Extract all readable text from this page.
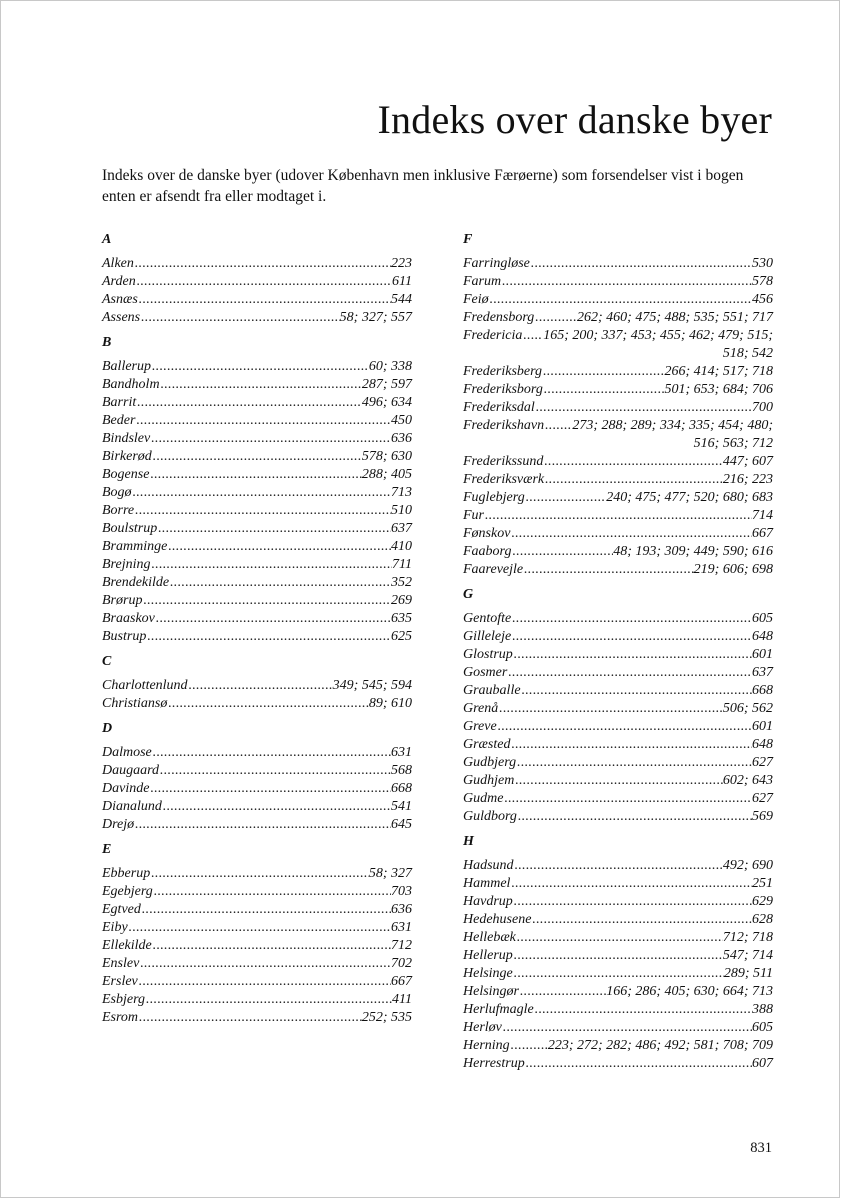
Indeks over danske byer

Indeks over de danske byer (udover København men inklusive Færøerne) som forsendelser vist i bogen enten er afsendt fra eller modtaget i.

A

Alken .....	223
Arden .....	611
Asnæs .....	544
Assens .....	58; 327; 557

B

Ballerup .....	60; 338
Bandholm .....	287; 597
Barrit .....	496; 634
Beder .....	450
Bindslev .....	636
Birkerød .....	578; 630
Bogense .....	288; 405
Bogø .....	713
Borre .....	510
Boulstrup .....	637
Bramminge .....	410
Brejning .....	711
Brendekilde .....	352
Brørup .....	269
Braaskov .....	635
Bustrup .....	625

C

Charlottenlund .....	349; 545; 594
Christiansø .....	89; 610

D

Dalmose .....	631
Daugaard .....	568
Davinde .....	668
Dianalund .....	541
Drejø .....	645

E

Ebberup .....	58; 327
Egebjerg .....	703
Egtved .....	636
Eiby .....	631
Ellekilde .....	712
Enslev .....	702
Erslev .....	667
Esbjerg .....	411
Esrom .....	252; 535

F

Farringløse .....	530
Farum .....	578
Feiø .....	456
Fredensborg .....	262; 460; 475; 488; 535; 551; 717
Fredericia ..... 165; 200; 337; 453; 455; 462; 479; 515;
518; 542
Frederiksberg .....	266; 414; 517; 718
Frederiksborg .....	501; 653; 684; 706
Frederiksdal .....	700
Frederikshavn ..... 273; 288; 289; 334; 335; 454; 480;
516; 563; 712
Frederikssund .....	447; 607
Frederiksværk .....	216; 223
Fuglebjerg .....	240; 475; 477; 520; 680; 683
Fur .....	714
Fønskov .....	667
Faaborg .....	48; 193; 309; 449; 590; 616
Faarevejle .....	219; 606; 698

G

Gentofte .....	605
Gilleleje .....	648
Glostrup .....	601
Gosmer .....	637
Grauballe .....	668
Grenå .....	506; 562
Greve .....	601
Græsted .....	648
Gudbjerg .....	627
Gudhjem .....	602; 643
Gudme .....	627
Guldborg .....	569

H

Hadsund .....	492; 690
Hammel .....	251
Havdrup .....	629
Hedehusene .....	628
Hellebæk .....	712; 718
Hellerup .....	547; 714
Helsinge .....	289; 511
Helsingør .....	166; 286; 405; 630; 664; 713
Herlufmagle .....	388
Herløv .....	605
Herning .....	223; 272; 282; 486; 492; 581; 708; 709
Herrestrup .....	607

831
